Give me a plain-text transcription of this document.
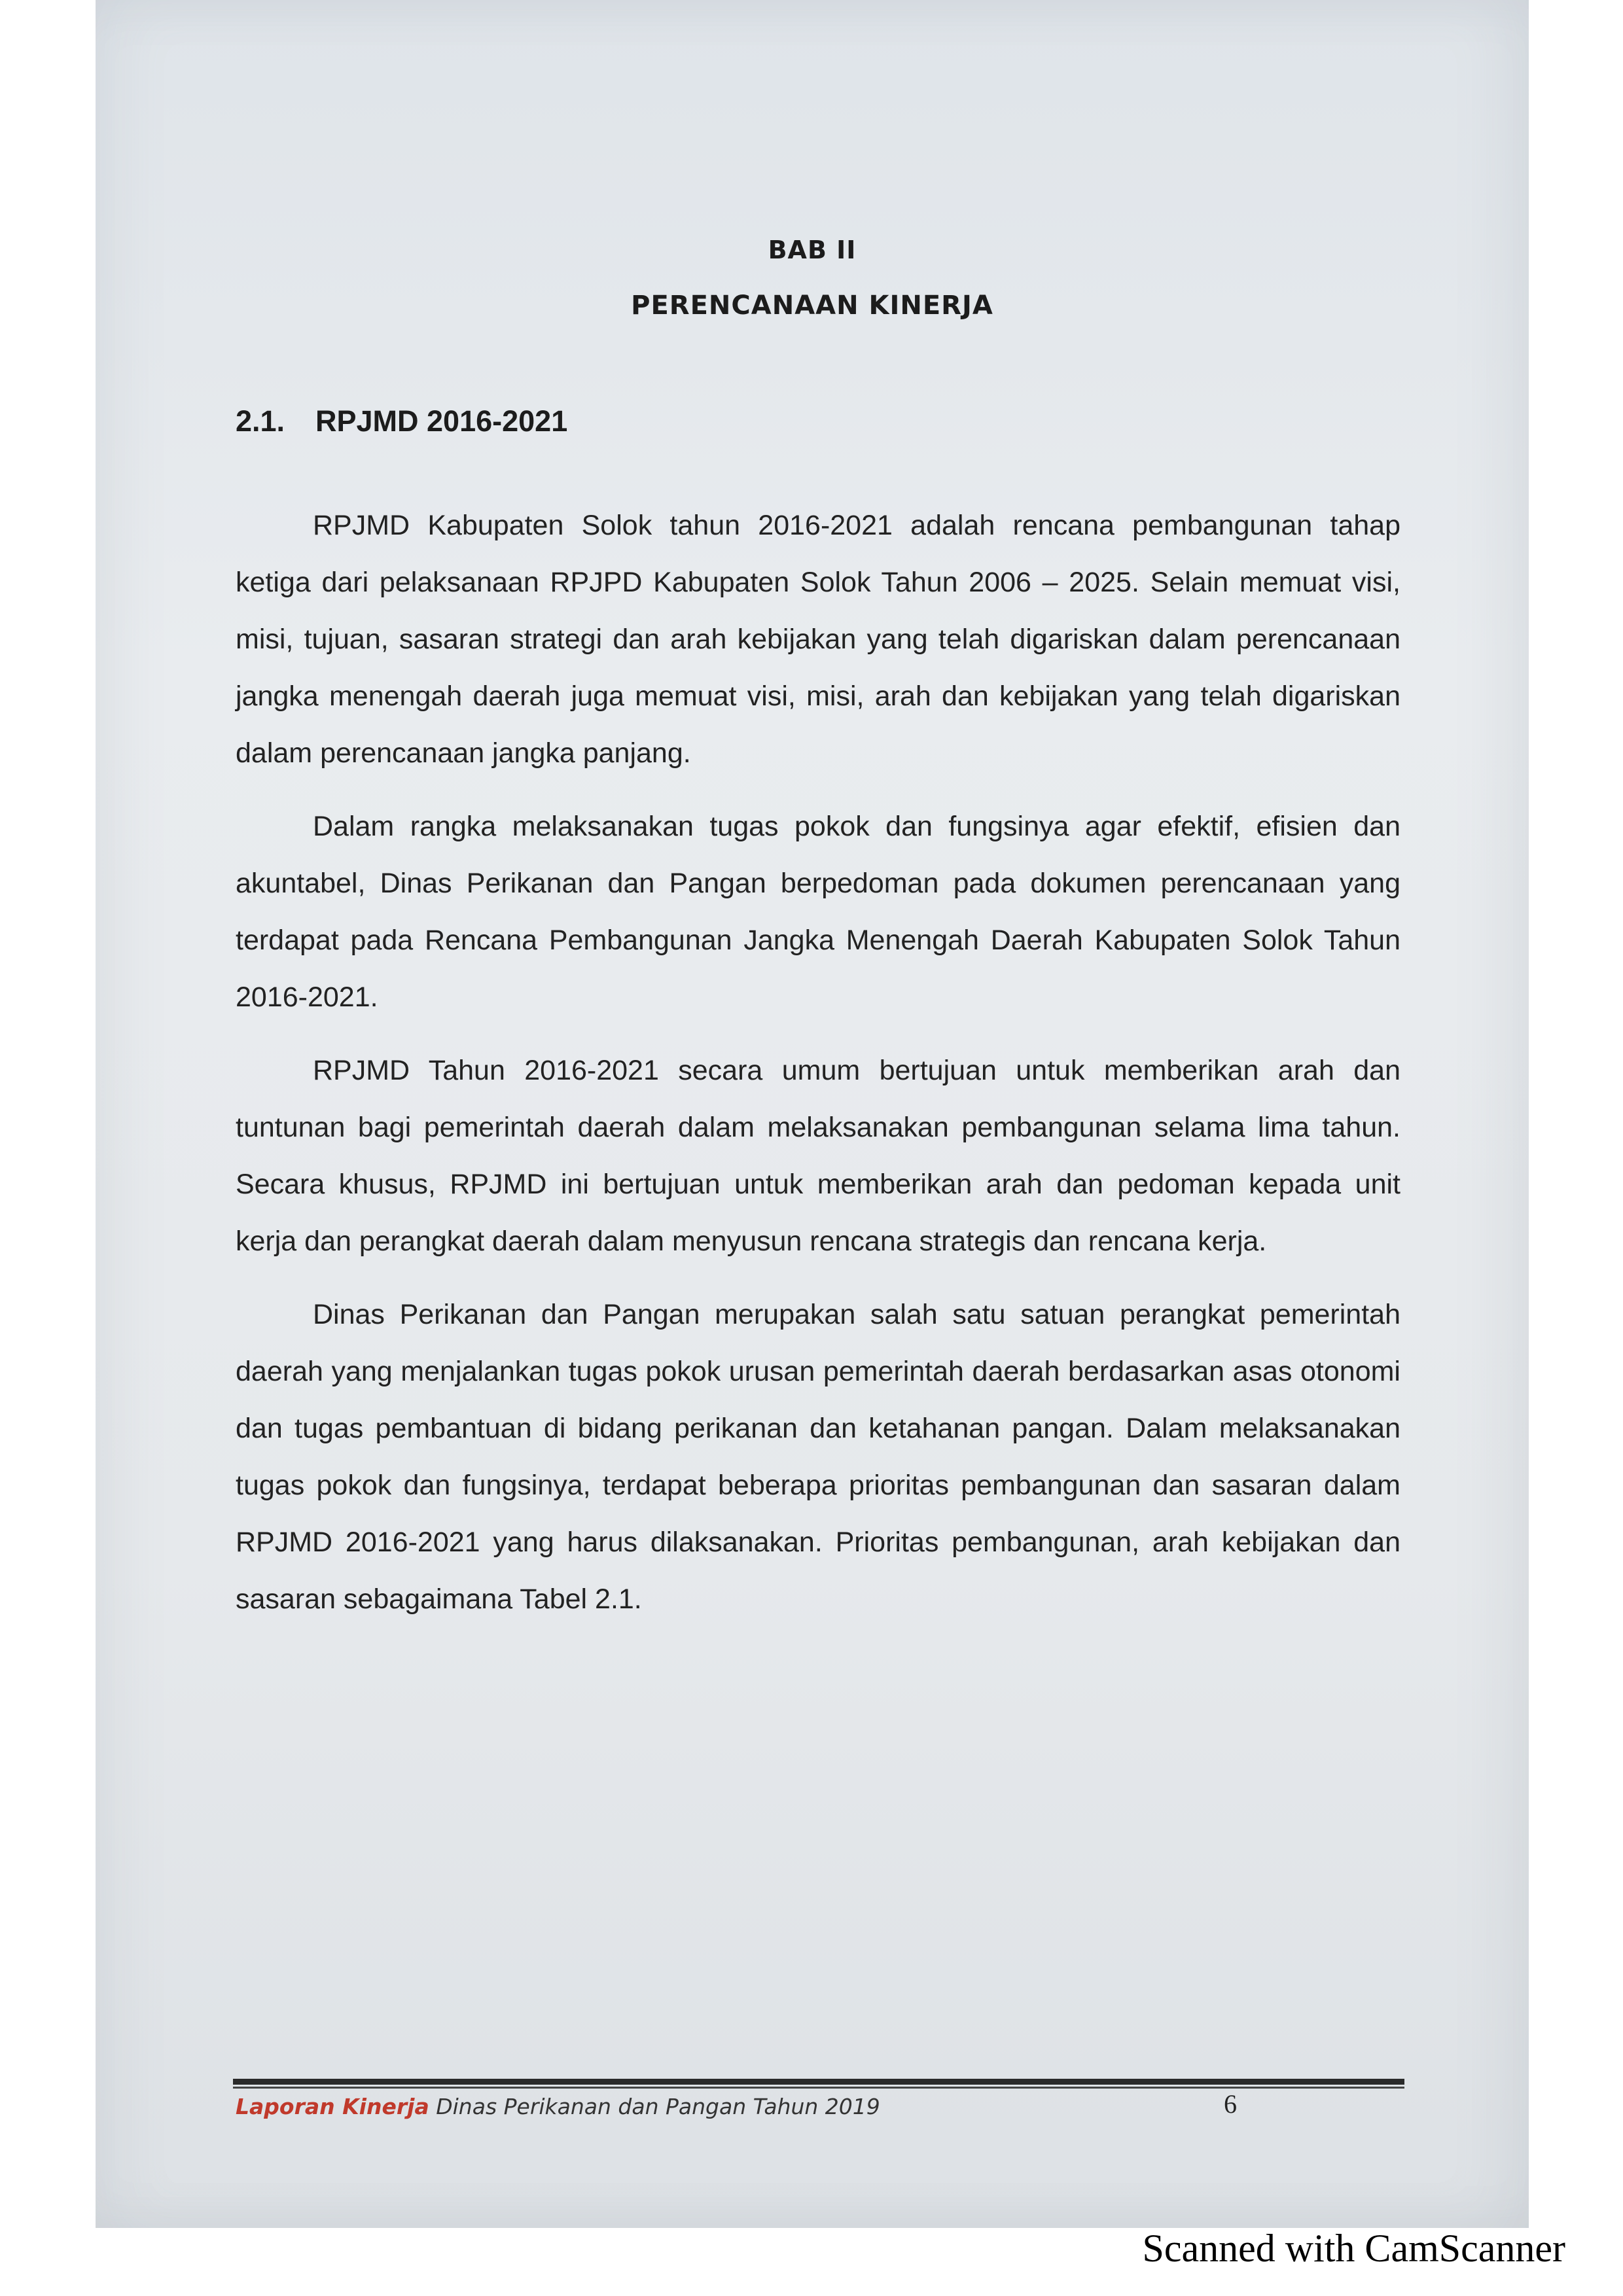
BAB II
PERENCANAAN KINERJA
2.1. RPJMD 2016-2021

RPJMD Kabupaten Solok tahun 2016-2021 adalah rencana pembangunan tahap ketiga dari pelaksanaan RPJPD Kabupaten Solok Tahun 2006 – 2025. Selain memuat visi, misi, tujuan, sasaran strategi dan arah kebijakan yang telah digariskan dalam perencanaan jangka menengah daerah juga memuat visi, misi, arah dan kebijakan yang telah digariskan dalam perencanaan jangka panjang.

Dalam rangka melaksanakan tugas pokok dan fungsinya agar efektif, efisien dan akuntabel, Dinas Perikanan dan Pangan berpedoman pada dokumen perencanaan yang terdapat pada Rencana Pembangunan Jangka Menengah Daerah Kabupaten Solok Tahun 2016-2021.

RPJMD Tahun 2016-2021 secara umum bertujuan untuk memberikan arah dan tuntunan bagi pemerintah daerah dalam melaksanakan pembangunan selama lima tahun. Secara khusus, RPJMD ini bertujuan untuk memberikan arah dan pedoman kepada unit kerja dan perangkat daerah dalam menyusun rencana strategis dan rencana kerja.

Dinas Perikanan dan Pangan merupakan salah satu satuan perangkat pemerintah daerah yang menjalankan tugas pokok urusan pemerintah daerah berdasarkan asas otonomi dan tugas pembantuan di bidang perikanan dan ketahanan pangan. Dalam melaksanakan tugas pokok dan fungsinya, terdapat beberapa prioritas pembangunan dan sasaran dalam RPJMD 2016-2021 yang harus dilaksanakan. Prioritas pembangunan, arah kebijakan dan sasaran sebagaimana Tabel 2.1.

Laporan Kinerja Dinas Perikanan dan Pangan Tahun 2019	6
Scanned with CamScanner
